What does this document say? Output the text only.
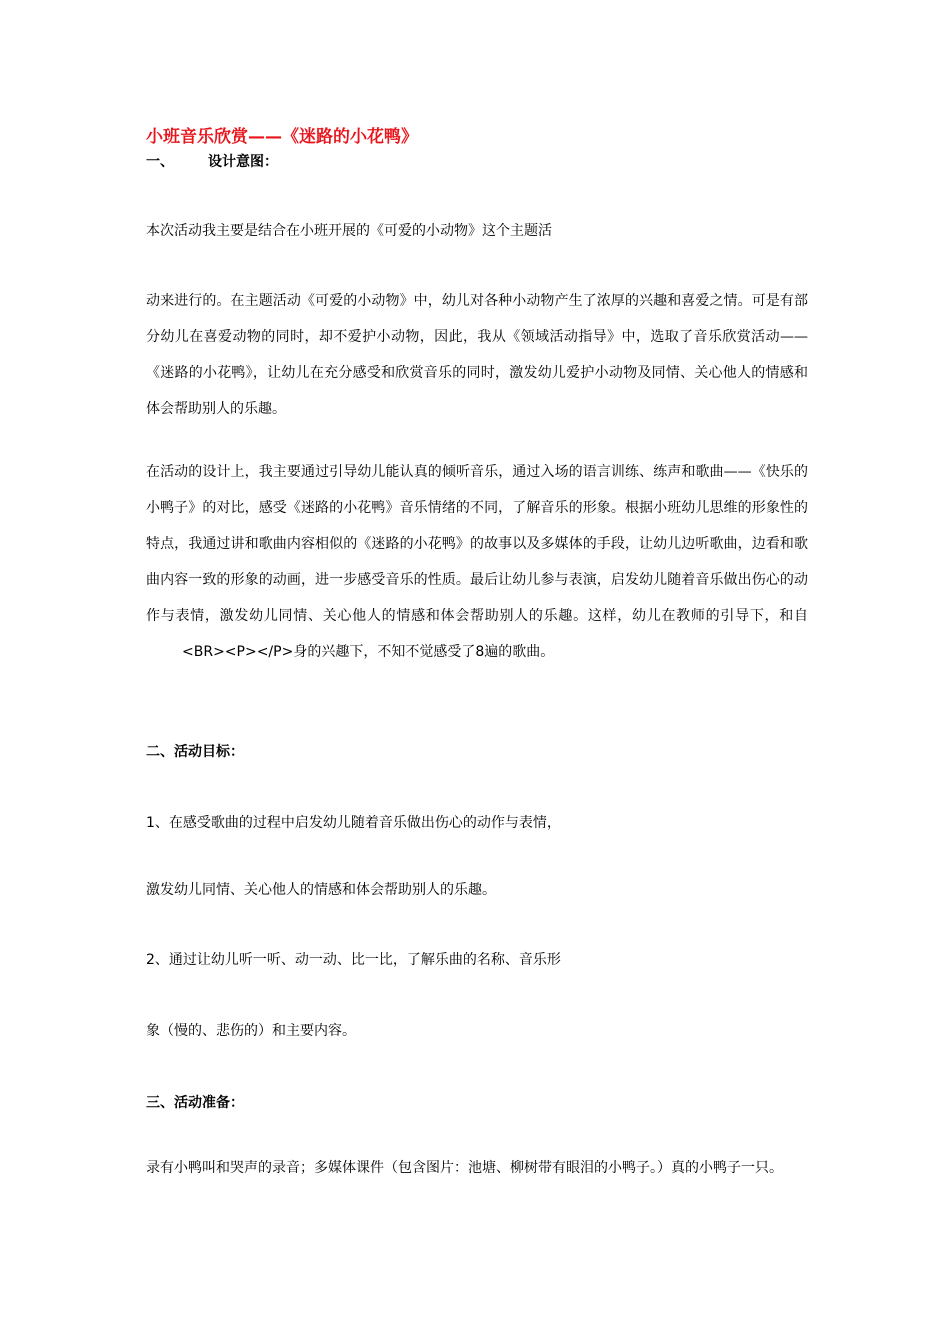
小班音乐欣赏——《迷路的小花鸭》
一、 设计意图：
本次活动我主要是结合在小班开展的《可爱的小动物》这个主题活
动来进行的。在主题活动《可爱的小动物》中，幼儿对各种小动物产生了浓厚的兴趣和喜爱之情。可是有部分幼儿在喜爱动物的同时，却不爱护小动物，因此，我从《领域活动指导》中，选取了音乐欣赏活动——《迷路的小花鸭》，让幼儿在充分感受和欣赏音乐的同时，激发幼儿爱护小动物及同情、关心他人的情感和体会帮助别人的乐趣。
在活动的设计上，我主要通过引导幼儿能认真的倾听音乐，通过入场的语言训练、练声和歌曲——《快乐的小鸭子》的对比，感受《迷路的小花鸭》音乐情绪的不同，了解音乐的形象。根据小班幼儿思维的形象性的特点，我通过讲和歌曲内容相似的《迷路的小花鸭》的故事以及多媒体的手段，让幼儿边听歌曲，边看和歌曲内容一致的形象的动画，进一步感受音乐的性质。最后让幼儿参与表演，启发幼儿随着音乐做出伤心的动作与表情，激发幼儿同情、关心他人的情感和体会帮助别人的乐趣。这样，幼儿在教师的引导下，和自<BR><P></P>身的兴趣下，不知不觉感受了8遍的歌曲。
二、活动目标：
1、在感受歌曲的过程中启发幼儿随着音乐做出伤心的动作与表情，
激发幼儿同情、关心他人的情感和体会帮助别人的乐趣。
2、通过让幼儿听一听、动一动、比一比，了解乐曲的名称、音乐形
象（慢的、悲伤的）和主要内容。
三、活动准备：
录有小鸭叫和哭声的录音；多媒体课件（包含图片：池塘、柳树带有眼泪的小鸭子。）真的小鸭子一只。
